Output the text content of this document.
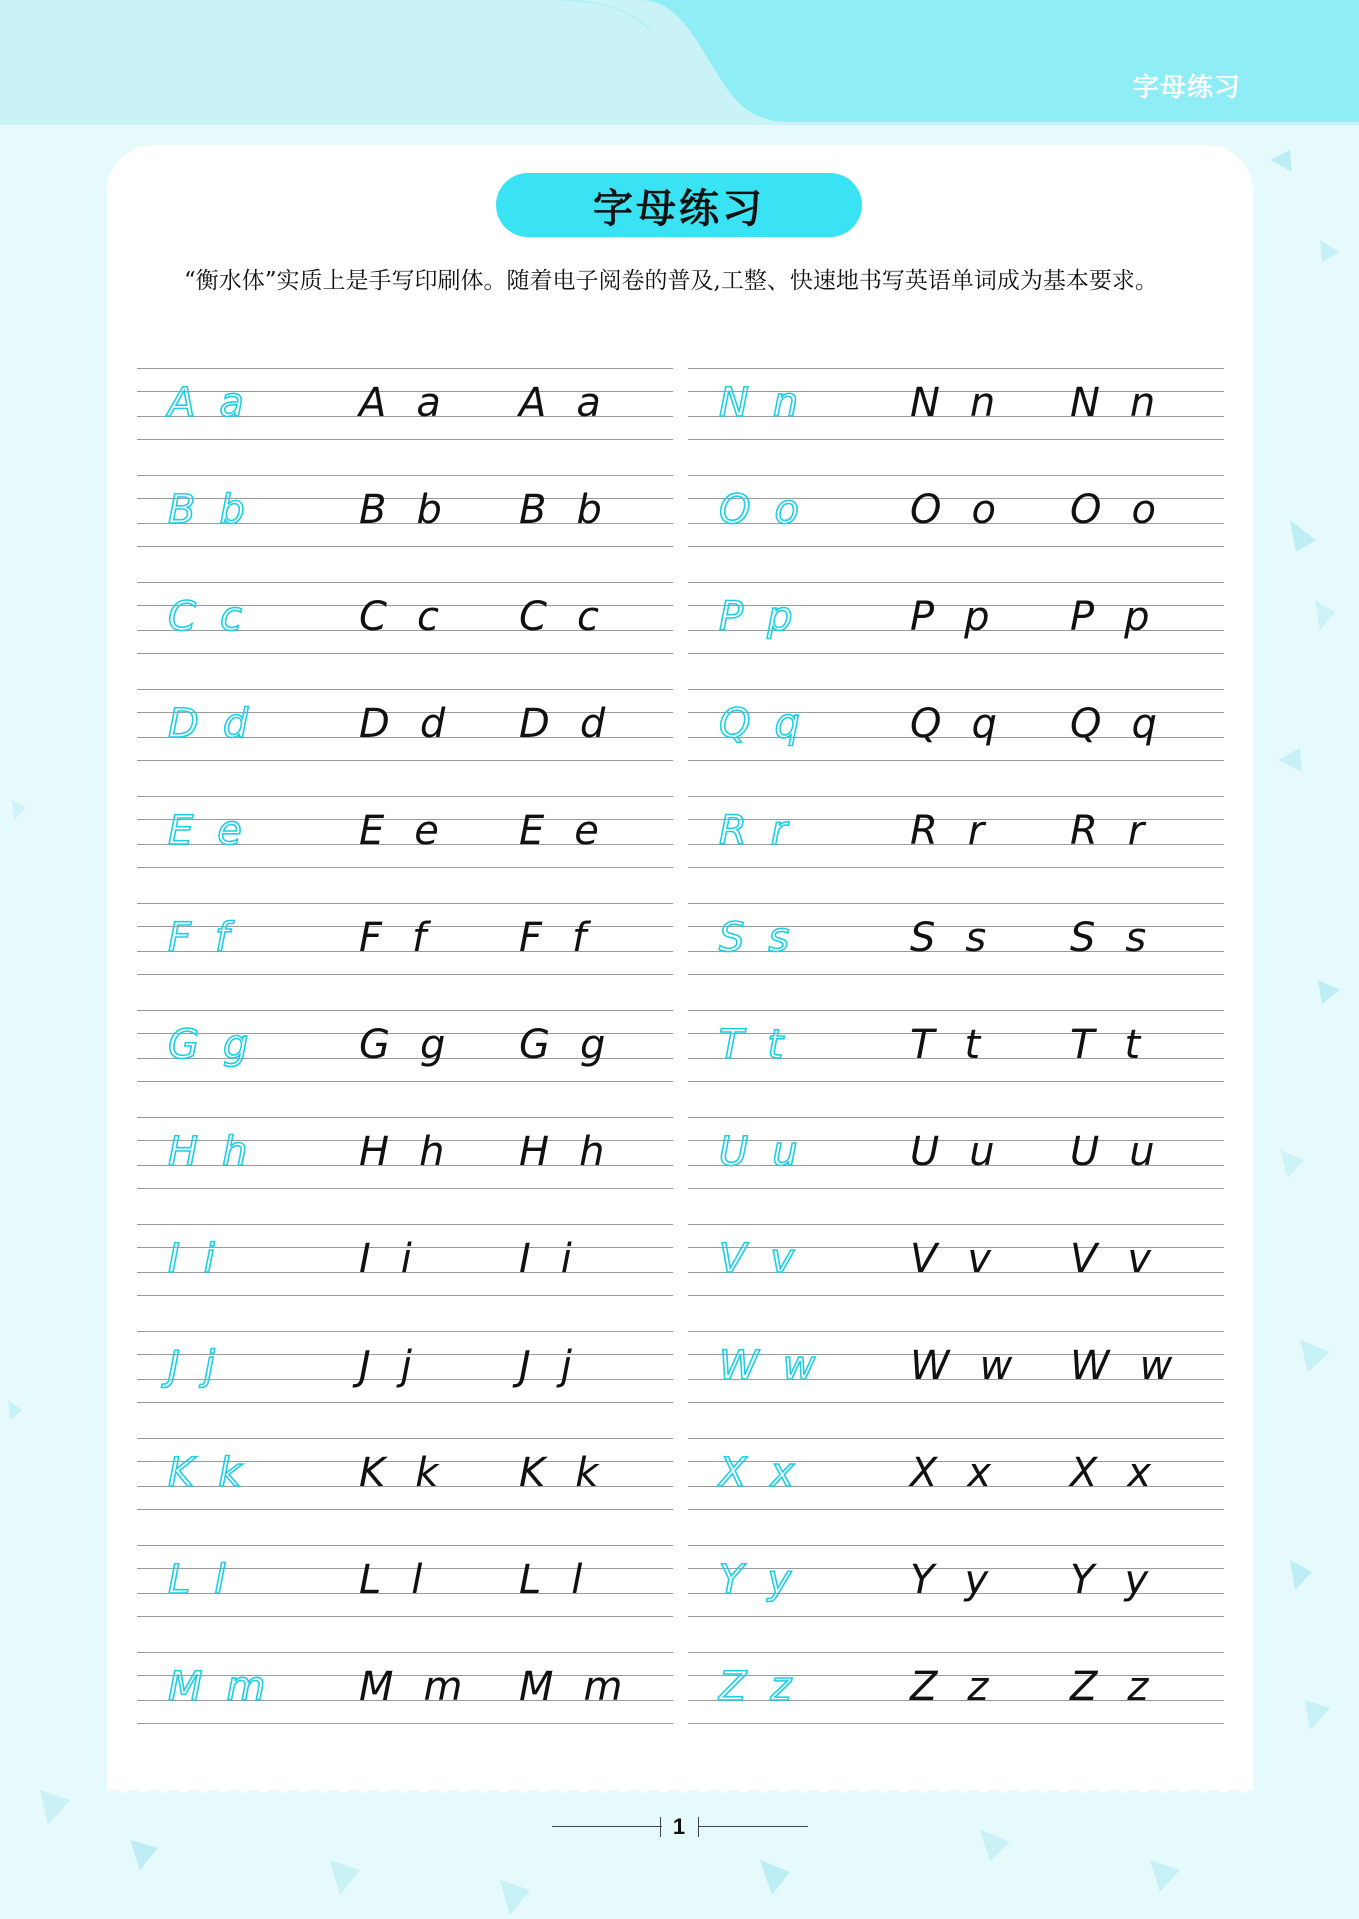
字母练习
字母练习
“衡水体”实质上是手写印刷体。随着电子阅卷的普及,工整、快速地书写英语单词成为基本要求。
A a	A a A a
B b	B b B b
C c	C c C c
D d	D d D d
E e	E e E e
F f	F f F f
G g	G g G g
H h	H h H h
I i	I i	I i
J j	J j	J j
K k	K k K k
L l	L l L l
M m M m M m
N n	N n N n
O o	O o O o
P p	P p P p
Q q	Q q Q q
R r	R r R r
S s	S s S s
T t	T t T t
U u	U u U u
V v	V v V v
W w W w W w
X x	X x X x
Y y	Y y Y y
Z z	Z z Z z
1
